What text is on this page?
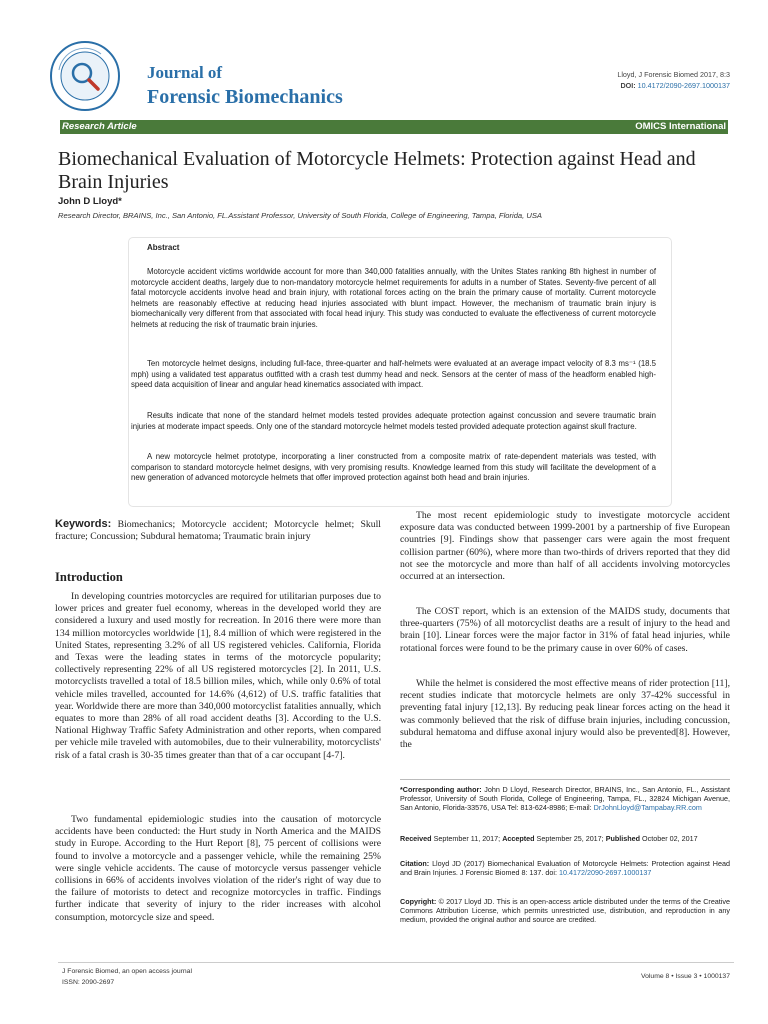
Journal of
Forensic Biomechanics
Lloyd, J Forensic Biomed 2017, 8:3
DOI: 10.4172/2090-2697.1000137
Research Article	OMICS International
Biomechanical Evaluation of Motorcycle Helmets: Protection against Head and Brain Injuries
John D Lloyd*
Research Director, BRAINS, Inc., San Antonio, FL.Assistant Professor, University of South Florida, College of Engineering, Tampa, Florida, USA
Abstract
Motorcycle accident victims worldwide account for more than 340,000 fatalities annually, with the Unites States ranking 8th highest in number of motorcycle accident deaths, largely due to non-mandatory motorcycle helmet requirements for adults in a number of States. Seventy-five percent of all fatal motorcycle accidents involve head and brain injury, with rotational forces acting on the brain the primary cause of mortality. Current motorcycle helmets are reasonably effective at reducing head injuries associated with blunt impact. However, the mechanism of traumatic brain injury is biomechanically very different from that associated with focal head injury. This study was conducted to evaluate the effectiveness of current motorcycle helmets at reducing the risk of traumatic brain injuries.
Ten motorcycle helmet designs, including full-face, three-quarter and half-helmets were evaluated at an average impact velocity of 8.3 ms⁻¹ (18.5 mph) using a validated test apparatus outfitted with a crash test dummy head and neck. Sensors at the center of mass of the headform enabled high-speed data acquisition of linear and angular head kinematics associated with impact.
Results indicate that none of the standard helmet models tested provides adequate protection against concussion and severe traumatic brain injuries at moderate impact speeds. Only one of the standard motorcycle helmet models tested provided adequate protection against skull fracture.
A new motorcycle helmet prototype, incorporating a liner constructed from a composite matrix of rate-dependent materials was tested, with comparison to standard motorcycle helmet designs, with very promising results. Knowledge learned from this study will facilitate the development of a new generation of advanced motorcycle helmets that offer improved protection against both head and brain injuries.
Keywords: Biomechanics; Motorcycle accident; Motorcycle helmet; Skull fracture; Concussion; Subdural hematoma; Traumatic brain injury
Introduction
In developing countries motorcycles are required for utilitarian purposes due to lower prices and greater fuel economy, whereas in the developed world they are considered a luxury and used mostly for recreation. In 2016 there were more than 134 million motorcycles worldwide [1], 8.4 million of which were registered in the United States, representing 3.2% of all US registered vehicles. California, Florida and Texas were the leading states in terms of the motorcycle popularity; collectively representing 22% of all US registered motorcycles [2]. In 2011, U.S. motorcyclists travelled a total of 18.5 billion miles, which, while only 0.6% of total vehicle miles travelled, accounted for 14.6% (4,612) of U.S. traffic fatalities that year. Worldwide there are more than 340,000 motorcyclist fatalities annually, which equates to more than 28% of all road accident deaths [3]. According to the U.S. National Highway Traffic Safety Administration and other reports, when compared per vehicle mile traveled with automobiles, due to their vulnerability, motorcyclists' risk of a fatal crash is 30-35 times greater than that of a car occupant [4-7].
Two fundamental epidemiologic studies into the causation of motorcycle accidents have been conducted: the Hurt study in North America and the MAIDS study in Europe. According to the Hurt Report [8], 75 percent of collisions were found to involve a motorcycle and a passenger vehicle, while the remaining 25% were single vehicle accidents. The cause of motorcycle versus passenger vehicle collisions in 66% of accidents involves violation of the rider's right of way due to the failure of motorists to detect and recognize motorcycles in traffic. Findings further indicate that severity of injury to the rider increases with alcohol consumption, motorcycle size and speed.
The most recent epidemiologic study to investigate motorcycle accident exposure data was conducted between 1999-2001 by a partnership of five European countries [9]. Findings show that passenger cars were again the most frequent collision partner (60%), where more than two-thirds of drivers reported that they did not see the motorcycle and more than half of all accidents involving motorcycles occurred at an intersection.
The COST report, which is an extension of the MAIDS study, documents that three-quarters (75%) of all motorcyclist deaths are a result of injury to the head and brain [10]. Linear forces were the major factor in 31% of fatal head injuries, while rotational forces were found to be the primary cause in over 60% of cases.
While the helmet is considered the most effective means of rider protection [11], recent studies indicate that motorcycle helmets are only 37-42% successful in preventing fatal injury [12,13]. By reducing peak linear forces acting on the head it was commonly believed that the risk of diffuse brain injuries, including concussion, subdural hematoma and diffuse axonal injury would also be prevented[8]. However, the
*Corresponding author: John D Lloyd, Research Director, BRAINS, Inc., San Antonio, FL., Assistant Professor, University of South Florida, College of Engineering, Tampa, FL., 32824 Michigan Avenue, San Antonio, Florida-33576, USA Tel: 813-624-8986; E-mail: DrJohnLloyd@Tampabay.RR.com
Received September 11, 2017; Accepted September 25, 2017; Published October 02, 2017
Citation: Lloyd JD (2017) Biomechanical Evaluation of Motorcycle Helmets: Protection against Head and Brain Injuries. J Forensic Biomed 8: 137. doi: 10.4172/2090-2697.1000137
Copyright: © 2017 Lloyd JD. This is an open-access article distributed under the terms of the Creative Commons Attribution License, which permits unrestricted use, distribution, and reproduction in any medium, provided the original author and source are credited.
J Forensic Biomed, an open access journal
ISSN: 2090-2697
Volume 8 • Issue 3 • 1000137
